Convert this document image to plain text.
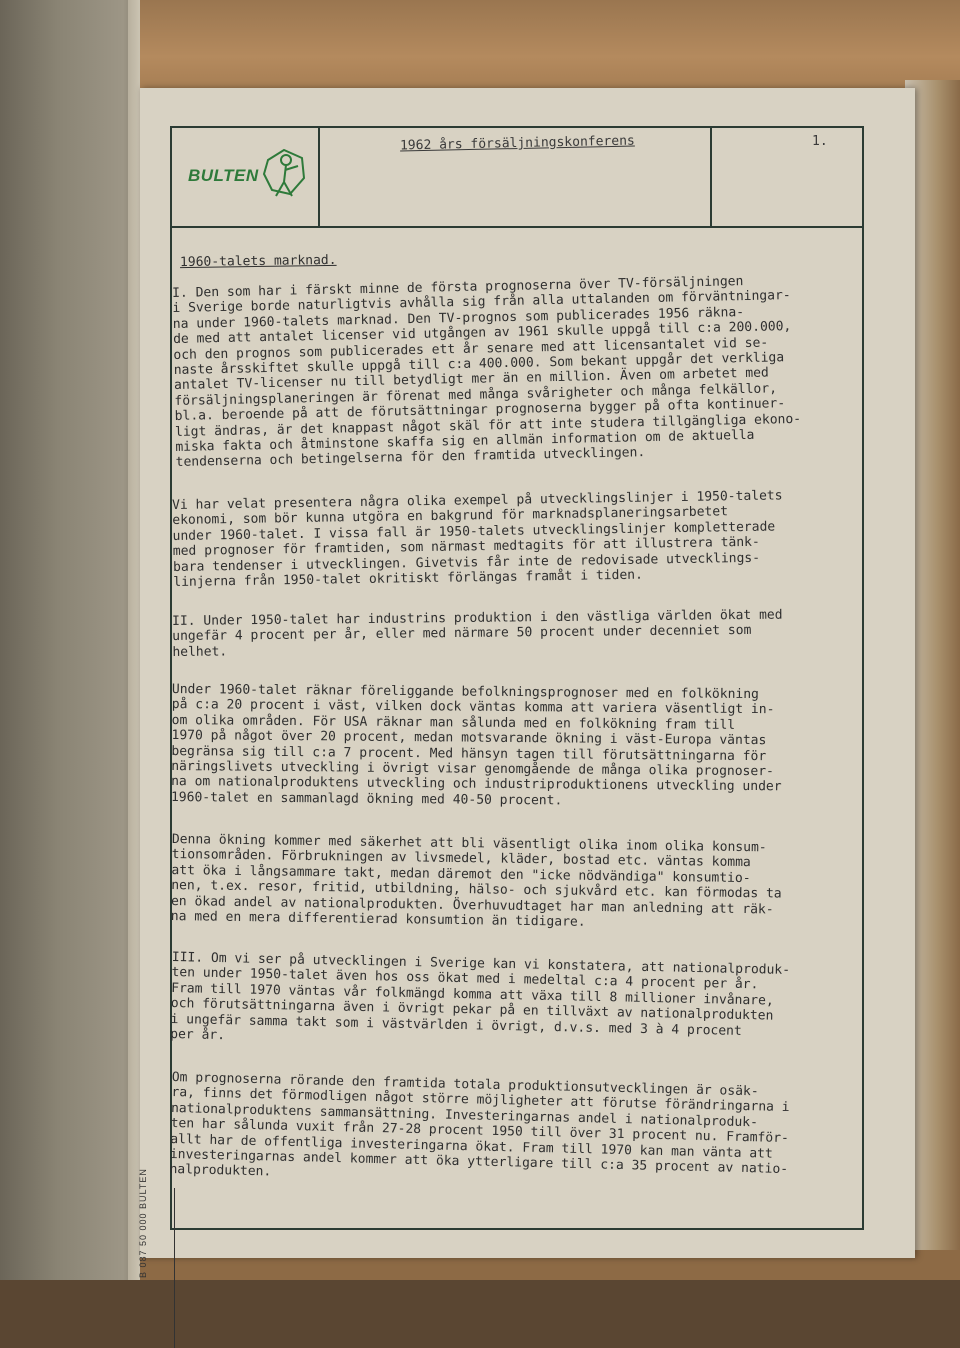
BULTEN
1962 års försäljningskonferens	1.
B 087 50 000 BULTEN
1960-talets marknad.
I. Den som har i färskt minne de första prognoserna över TV-försäljningen
i Sverige borde naturligtvis avhålla sig från alla uttalanden om förväntningar-
na under 1960-talets marknad. Den TV-prognos som publicerades 1956 räkna-
de med att antalet licenser vid utgången av 1961 skulle uppgå till c:a 200.000,
och den prognos som publicerades ett år senare med att licensantalet vid se-
naste årsskiftet skulle uppgå till c:a 400.000. Som bekant uppgår det verkliga
antalet TV-licenser nu till betydligt mer än en million. Även om arbetet med
försäljningsplaneringen är förenat med många svårigheter och många felkällor,
bl.a. beroende på att de förutsättningar prognoserna bygger på ofta kontinuer-
ligt ändras, är det knappast något skäl för att inte studera tillgängliga ekono-
miska fakta och åtminstone skaffa sig en allmän information om de aktuella
tendenserna och betingelserna för den framtida utvecklingen.
Vi har velat presentera några olika exempel på utvecklingslinjer i 1950-talets
ekonomi, som bör kunna utgöra en bakgrund för marknadsplaneringsarbetet
under 1960-talet. I vissa fall är 1950-talets utvecklingslinjer kompletterade
med prognoser för framtiden, som närmast medtagits för att illustrera tänk-
bara tendenser i utvecklingen. Givetvis får inte de redovisade utvecklings-
linjerna från 1950-talet okritiskt förlängas framåt i tiden.
II. Under 1950-talet har industrins produktion i den västliga världen ökat med
ungefär 4 procent per år, eller med närmare 50 procent under decenniet som
helhet.
Under 1960-talet räknar föreliggande befolkningsprognoser med en folkökning
på c:a 20 procent i väst, vilken dock väntas komma att variera väsentligt in-
om olika områden. För USA räknar man sålunda med en folkökning fram till
1970 på något över 20 procent, medan motsvarande ökning i väst-Europa väntas
begränsa sig till c:a 7 procent. Med hänsyn tagen till förutsättningarna för
näringslivets utveckling i övrigt visar genomgående de många olika prognoser-
na om nationalproduktens utveckling och industriproduktionens utveckling under
1960-talet en sammanlagd ökning med 40-50 procent.
Denna ökning kommer med säkerhet att bli väsentligt olika inom olika konsum-
tionsområden. Förbrukningen av livsmedel, kläder, bostad etc. väntas komma
att öka i långsammare takt, medan däremot den "icke nödvändiga" konsumtio-
nen, t.ex. resor, fritid, utbildning, hälso- och sjukvård etc. kan förmodas ta
en ökad andel av nationalprodukten. Överhuvudtaget har man anledning att räk-
na med en mera differentierad konsumtion än tidigare.
III. Om vi ser på utvecklingen i Sverige kan vi konstatera, att nationalproduk-
ten under 1950-talet även hos oss ökat med i medeltal c:a 4 procent per år.
Fram till 1970 väntas vår folkmängd komma att växa till 8 millioner invånare,
och förutsättningarna även i övrigt pekar på en tillväxt av nationalprodukten
i ungefär samma takt som i västvärlden i övrigt, d.v.s. med 3 à 4 procent
per år.
Om prognoserna rörande den framtida totala produktionsutvecklingen är osäk-
ra, finns det förmodligen något större möjligheter att förutse förändringarna i
nationalproduktens sammansättning. Investeringarnas andel i nationalproduk-
ten har sålunda vuxit från 27-28 procent 1950 till över 31 procent nu. Framför-
allt har de offentliga investeringarna ökat. Fram till 1970 kan man vänta att
investeringarnas andel kommer att öka ytterligare till c:a 35 procent av natio-
nalprodukten.
